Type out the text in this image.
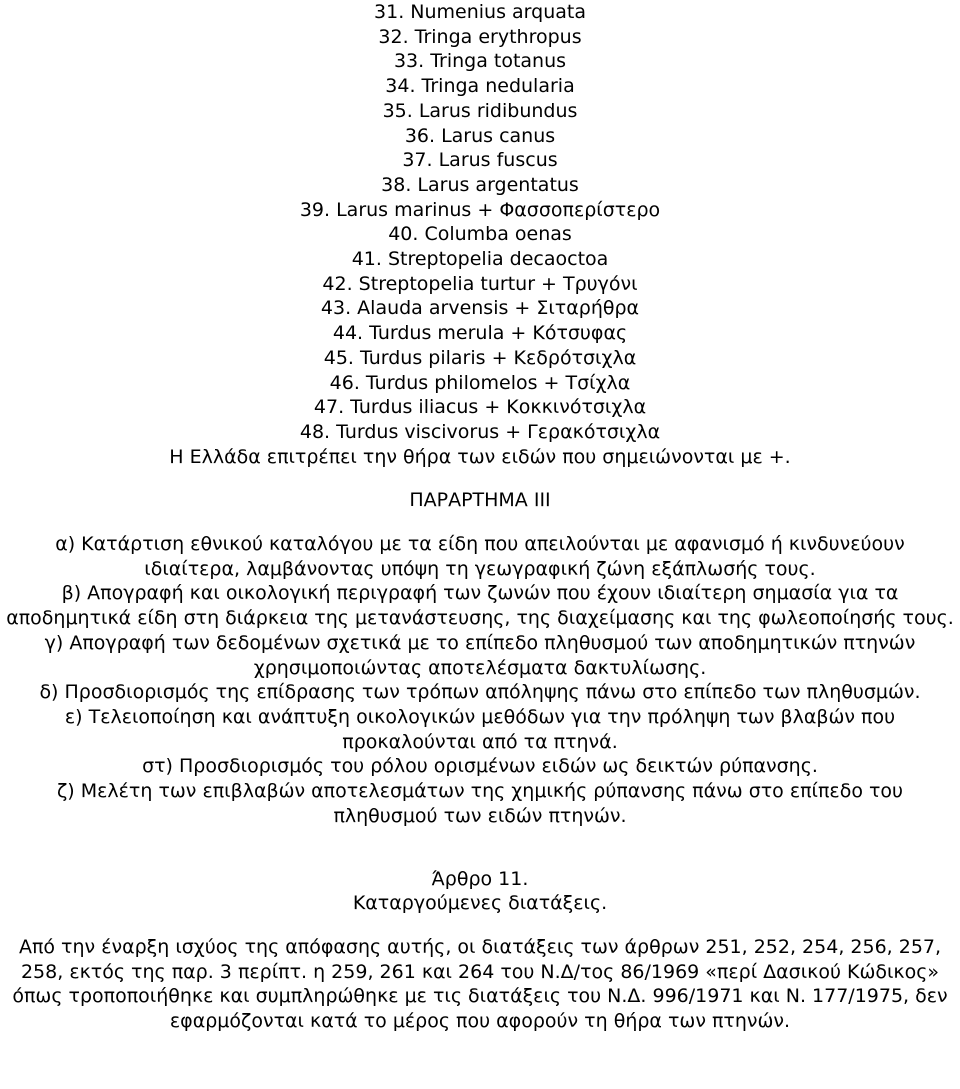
31. Numenius arquata
32. Tringa erythropus
33. Tringa totanus
34. Tringa nedularia
35. Larus ridibundus
36. Larus canus
37. Larus fuscus
38. Larus argentatus
39. Larus marinus + Φασσοπερίστερο
40. Columba oenas
41. Streptopelia decaoctoa
42. Streptopelia turtur + Τρυγόνι
43. Alauda arvensis + Σιταρήθρα
44. Turdus merula + Κότσυφας
45. Turdus pilaris + Κεδρότσιχλα
46. Turdus philomelos + Τσίχλα
47. Turdus iliacus + Κοκκινότσιχλα
48. Turdus viscivorus + Γερακότσιχλα
Η Ελλάδα επιτρέπει την θήρα των ειδών που σημειώνονται με +.
ΠΑΡΑΡΤΗΜΑ ΙΙΙ
α) Κατάρτιση εθνικού καταλόγου με τα είδη που απειλούνται με αφανισμό ή κινδυνεύουν ιδιαίτερα, λαμβάνοντας υπόψη τη γεωγραφική ζώνη εξάπλωσής τους.
β) Απογραφή και οικολογική περιγραφή των ζωνών που έχουν ιδιαίτερη σημασία για τα αποδημητικά είδη στη διάρκεια της μετανάστευσης, της διαχείμασης και της φωλεοποίησής τους.
γ) Απογραφή των δεδομένων σχετικά με το επίπεδο πληθυσμού των αποδημητικών πτηνών χρησιμοποιώντας αποτελέσματα δακτυλίωσης.
δ) Προσδιορισμός της επίδρασης των τρόπων απόληψης πάνω στο επίπεδο των πληθυσμών.
ε) Τελειοποίηση και ανάπτυξη οικολογικών μεθόδων για την πρόληψη των βλαβών που προκαλούνται από τα πτηνά.
στ) Προσδιορισμός του ρόλου ορισμένων ειδών ως δεικτών ρύπανσης.
ζ) Μελέτη των επιβλαβών αποτελεσμάτων της χημικής ρύπανσης πάνω στο επίπεδο του πληθυσμού των ειδών πτηνών.
Άρθρο 11.
Καταργούμενες διατάξεις.
Από την έναρξη ισχύος της απόφασης αυτής, οι διατάξεις των άρθρων 251, 252, 254, 256, 257, 258, εκτός της παρ. 3 περίπτ. η 259, 261 και 264 του Ν.Δ/τος 86/1969 «περί Δασικού Κώδικος» όπως τροποποιήθηκε και συμπληρώθηκε με τις διατάξεις του Ν.Δ. 996/1971 και Ν. 177/1975, δεν εφαρμόζονται κατά το μέρος που αφορούν τη θήρα των πτηνών.
